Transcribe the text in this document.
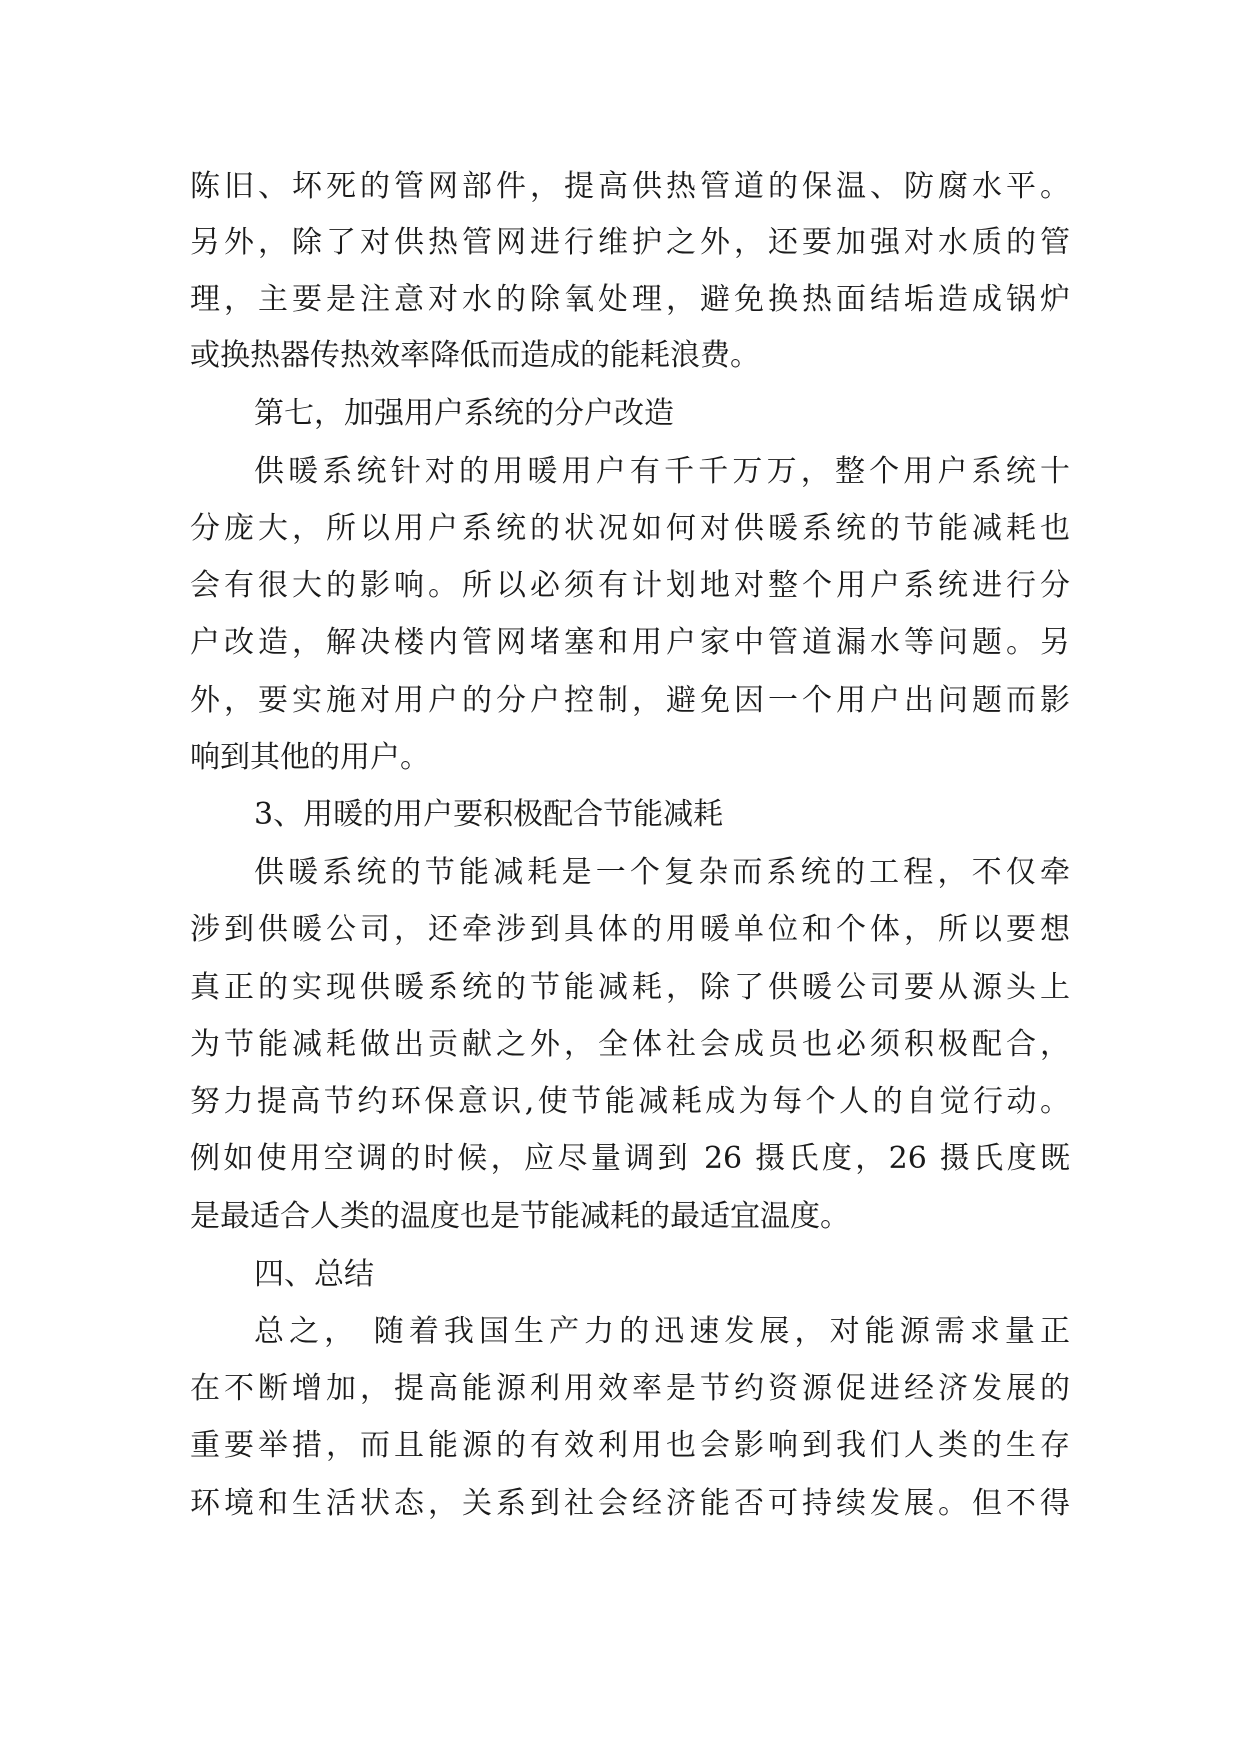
陈旧、坏死的管网部件，提高供热管道的保温、防腐水平。

另外，除了对供热管网进行维护之外，还要加强对水质的管

理，主要是注意对水的除氧处理，避免换热面结垢造成锅炉

或换热器传热效率降低而造成的能耗浪费。

第七，加强用户系统的分户改造

供暖系统针对的用暖用户有千千万万，整个用户系统十

分庞大，所以用户系统的状况如何对供暖系统的节能减耗也

会有很大的影响。所以必须有计划地对整个用户系统进行分

户改造，解决楼内管网堵塞和用户家中管道漏水等问题。另

外，要实施对用户的分户控制，避免因一个用户出问题而影

响到其他的用户。

3、用暖的用户要积极配合节能减耗

供暖系统的节能减耗是一个复杂而系统的工程，不仅牵

涉到供暖公司，还牵涉到具体的用暖单位和个体，所以要想

真正的实现供暖系统的节能减耗，除了供暖公司要从源头上

为节能减耗做出贡献之外，全体社会成员也必须积极配合，

努力提高节约环保意识,使节能减耗成为每个人的自觉行动。

例如使用空调的时候，应尽量调到 26 摄氏度，26 摄氏度既

是最适合人类的温度也是节能减耗的最适宜温度。

四、总结

总之， 随着我国生产力的迅速发展，对能源需求量正

在不断增加，提高能源利用效率是节约资源促进经济发展的

重要举措，而且能源的有效利用也会影响到我们人类的生存

环境和生活状态，关系到社会经济能否可持续发展。但不得
